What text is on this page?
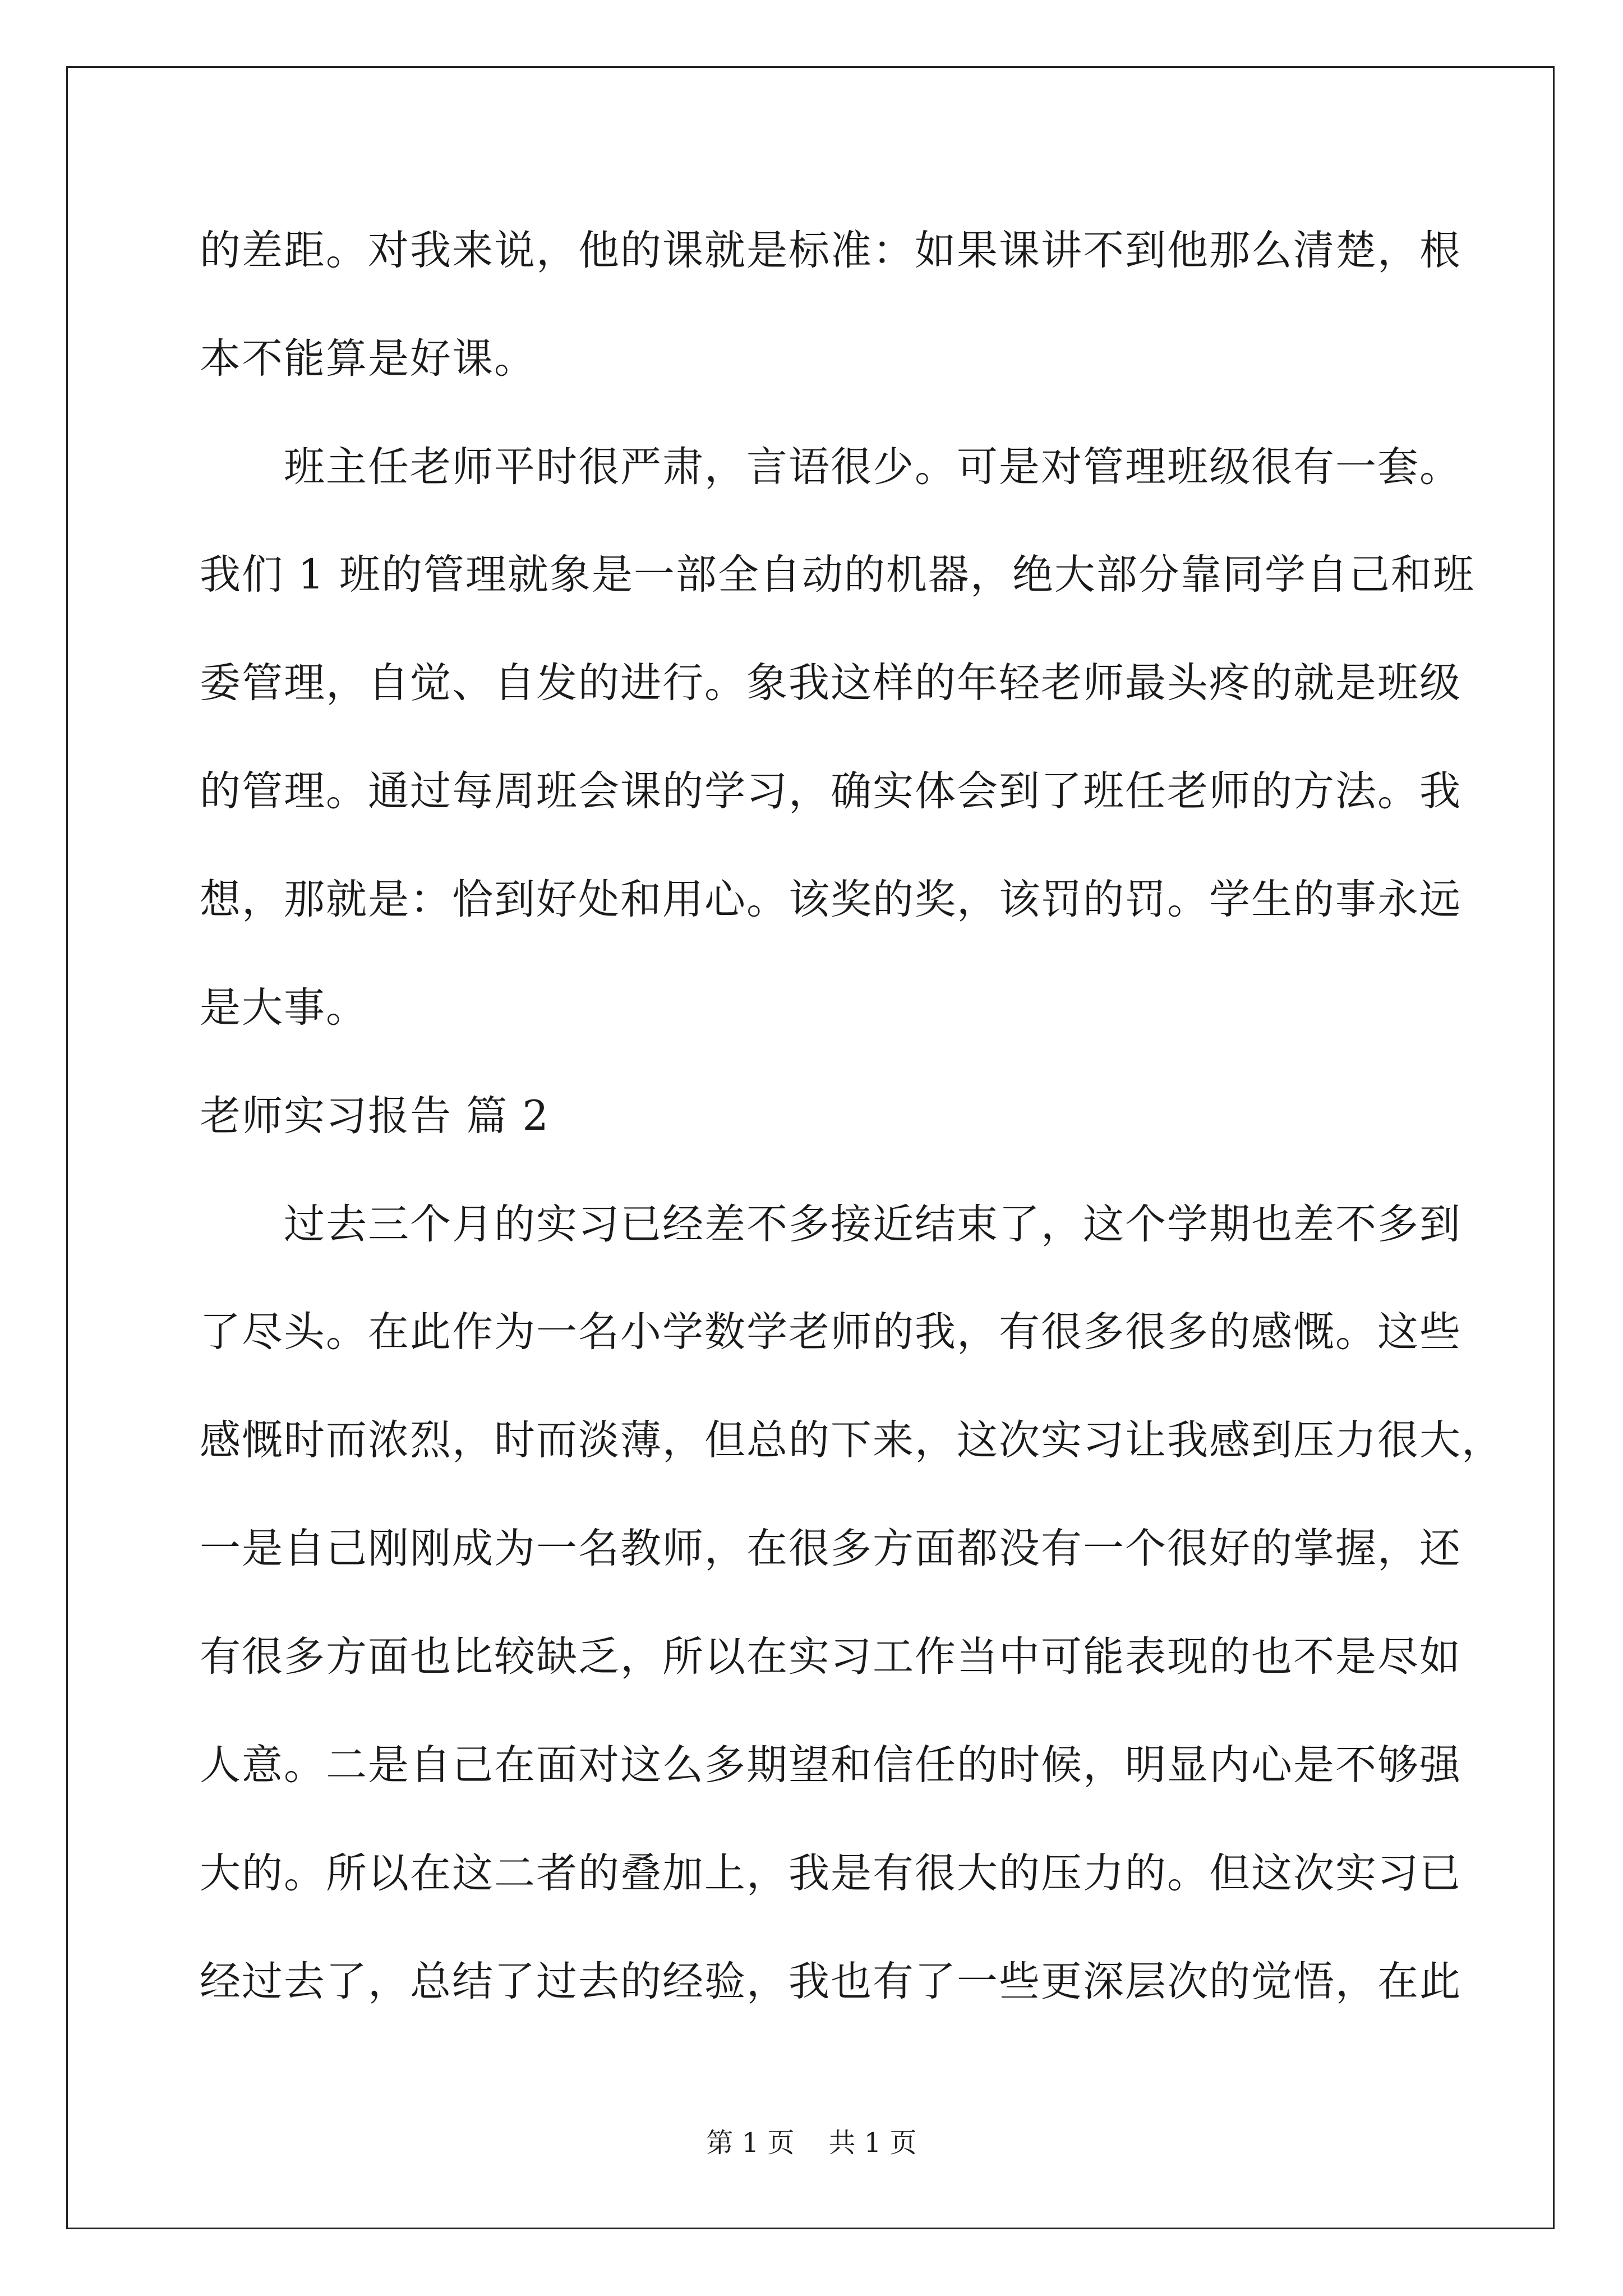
的差距。对我来说，他的课就是标准：如果课讲不到他那么清楚，根
本不能算是好课。
　　班主任老师平时很严肃，言语很少。可是对管理班级很有一套。
我们 1 班的管理就象是一部全自动的机器，绝大部分靠同学自己和班
委管理，自觉、自发的进行。象我这样的年轻老师最头疼的就是班级
的管理。通过每周班会课的学习，确实体会到了班任老师的方法。我
想，那就是：恰到好处和用心。该奖的奖，该罚的罚。学生的事永远
是大事。
老师实习报告 篇 2
　　过去三个月的实习已经差不多接近结束了，这个学期也差不多到
了尽头。在此作为一名小学数学老师的我，有很多很多的感慨。这些
感慨时而浓烈，时而淡薄，但总的下来，这次实习让我感到压力很大，
一是自己刚刚成为一名教师，在很多方面都没有一个很好的掌握，还
有很多方面也比较缺乏，所以在实习工作当中可能表现的也不是尽如
人意。二是自己在面对这么多期望和信任的时候，明显内心是不够强
大的。所以在这二者的叠加上，我是有很大的压力的。但这次实习已
经过去了，总结了过去的经验，我也有了一些更深层次的觉悟，在此
第 1 页    共 1 页
